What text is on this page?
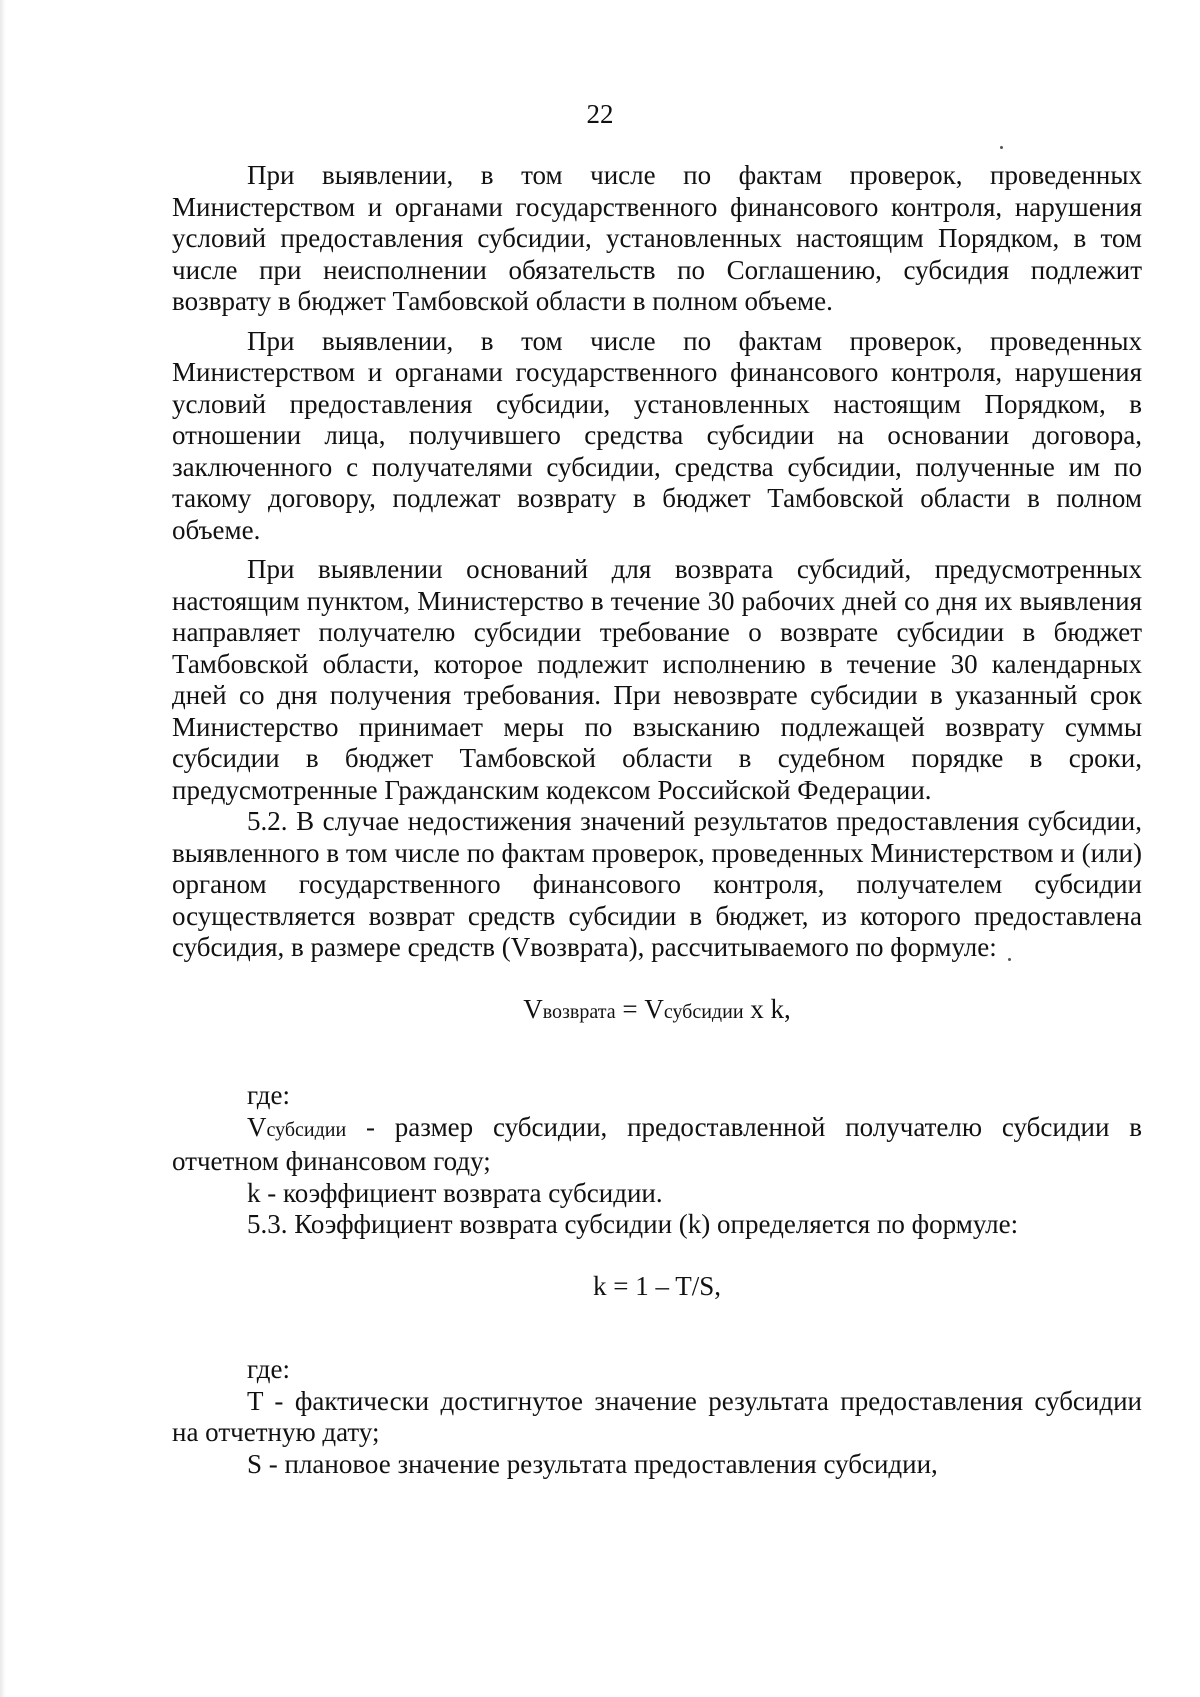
22

При выявлении, в том числе по фактам проверок, проведенных Министерством и органами государственного финансового контроля, нарушения условий предоставления субсидии, установленных настоящим Порядком, в том числе при неисполнении обязательств по Соглашению, субсидия подлежит возврату в бюджет Тамбовской области в полном объеме.

При выявлении, в том числе по фактам проверок, проведенных Министерством и органами государственного финансового контроля, нарушения условий предоставления субсидии, установленных настоящим Порядком, в отношении лица, получившего средства субсидии на основании договора, заключенного с получателями субсидии, средства субсидии, полученные им по такому договору, подлежат возврату в бюджет Тамбовской области в полном объеме.

При выявлении оснований для возврата субсидий, предусмотренных настоящим пунктом, Министерство в течение 30 рабочих дней со дня их выявления направляет получателю субсидии требование о возврате субсидии в бюджет Тамбовской области, которое подлежит исполнению в течение 30 календарных дней со дня получения требования. При невозврате субсидии в указанный срок Министерство принимает меры по взысканию подлежащей возврату суммы субсидии в бюджет Тамбовской области в судебном порядке в сроки, предусмотренные Гражданским кодексом Российской Федерации.

5.2. В случае недостижения значений результатов предоставления субсидии, выявленного в том числе по фактам проверок, проведенных Министерством и (или) органом государственного финансового контроля, получателем субсидии осуществляется возврат средств субсидии в бюджет, из которого предоставлена субсидия, в размере средств (Vвозврата), рассчитываемого по формуле:

Vвозврата = Vсубсидии x k,

где:

Vсубсидии - размер субсидии, предоставленной получателю субсидии в отчетном финансовом году;

k - коэффициент возврата субсидии.

5.3. Коэффициент возврата субсидии (k) определяется по формуле:

k = 1 – T/S,

где:

T - фактически достигнутое значение результата предоставления субсидии на отчетную дату;

S - плановое значение результата предоставления субсидии,
